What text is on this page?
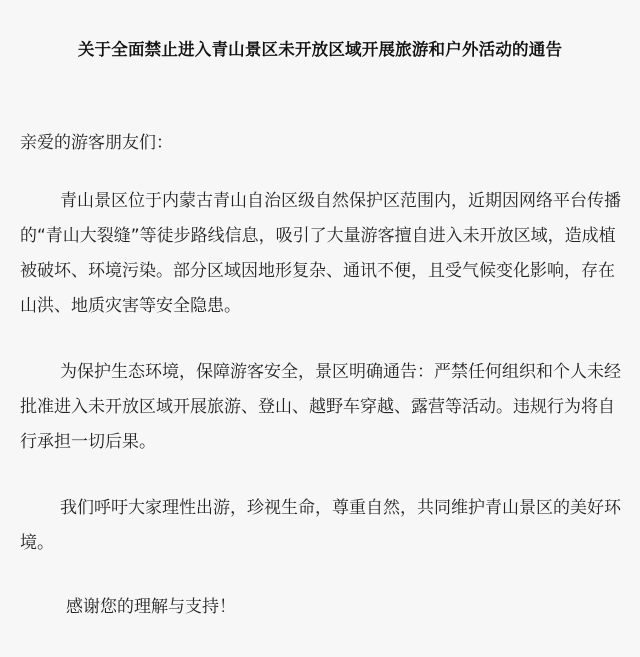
关于全面禁止进入青山景区未开放区域开展旅游和户外活动的通告
亲爱的游客朋友们：

青山景区位于内蒙古青山自治区级自然保护区范围内，近期因网络平台传播的“青山大裂缝”等徒步路线信息，吸引了大量游客擅自进入未开放区域，造成植被破坏、环境污染。部分区域因地形复杂、通讯不便，且受气候变化影响，存在山洪、地质灾害等安全隐患。

为保护生态环境，保障游客安全，景区明确通告：严禁任何组织和个人未经批准进入未开放区域开展旅游、登山、越野车穿越、露营等活动。违规行为将自行承担一切后果。

我们呼吁大家理性出游，珍视生命，尊重自然，共同维护青山景区的美好环境。

感谢您的理解与支持！
